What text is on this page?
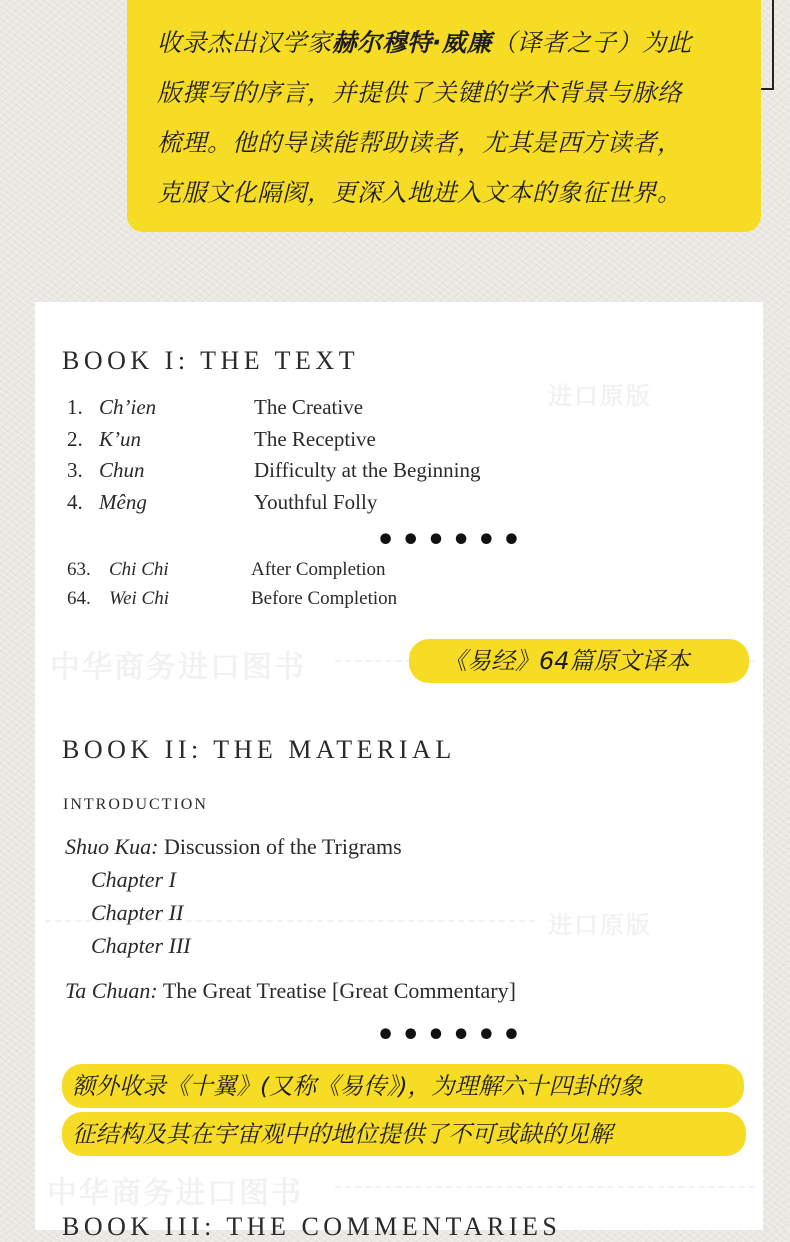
收录杰出汉学家赫尔穆特·威廉（译者之子）为此

版撰写的序言，并提供了关键的学术背景与脉络

梳理。他的导读能帮助读者，尤其是西方读者，

克服文化隔阂，更深入地进入文本的象征世界。

中华商务进口图书
进口原版
进口原版
中华商务进口图书
BOOK I: THE TEXT
1. Ch’ien	The Creative
2. K’un	The Receptive
3. Chun	Difficulty at the Beginning
4. Mêng	Youthful Folly
••••••
63. Chi Chi	After Completion
64. Wei Chi	Before Completion
《易经》64篇原文译本
BOOK II: THE MATERIAL
INTRODUCTION
Shuo Kua: Discussion of the Trigrams
Chapter I
Chapter II
Chapter III
Ta Chuan: The Great Treatise [Great Commentary]
••••••
额外收录《十翼》(又称《易传》)，为理解六十四卦的象
征结构及其在宇宙观中的地位提供了不可或缺的见解
BOOK III: THE COMMENTARIES
